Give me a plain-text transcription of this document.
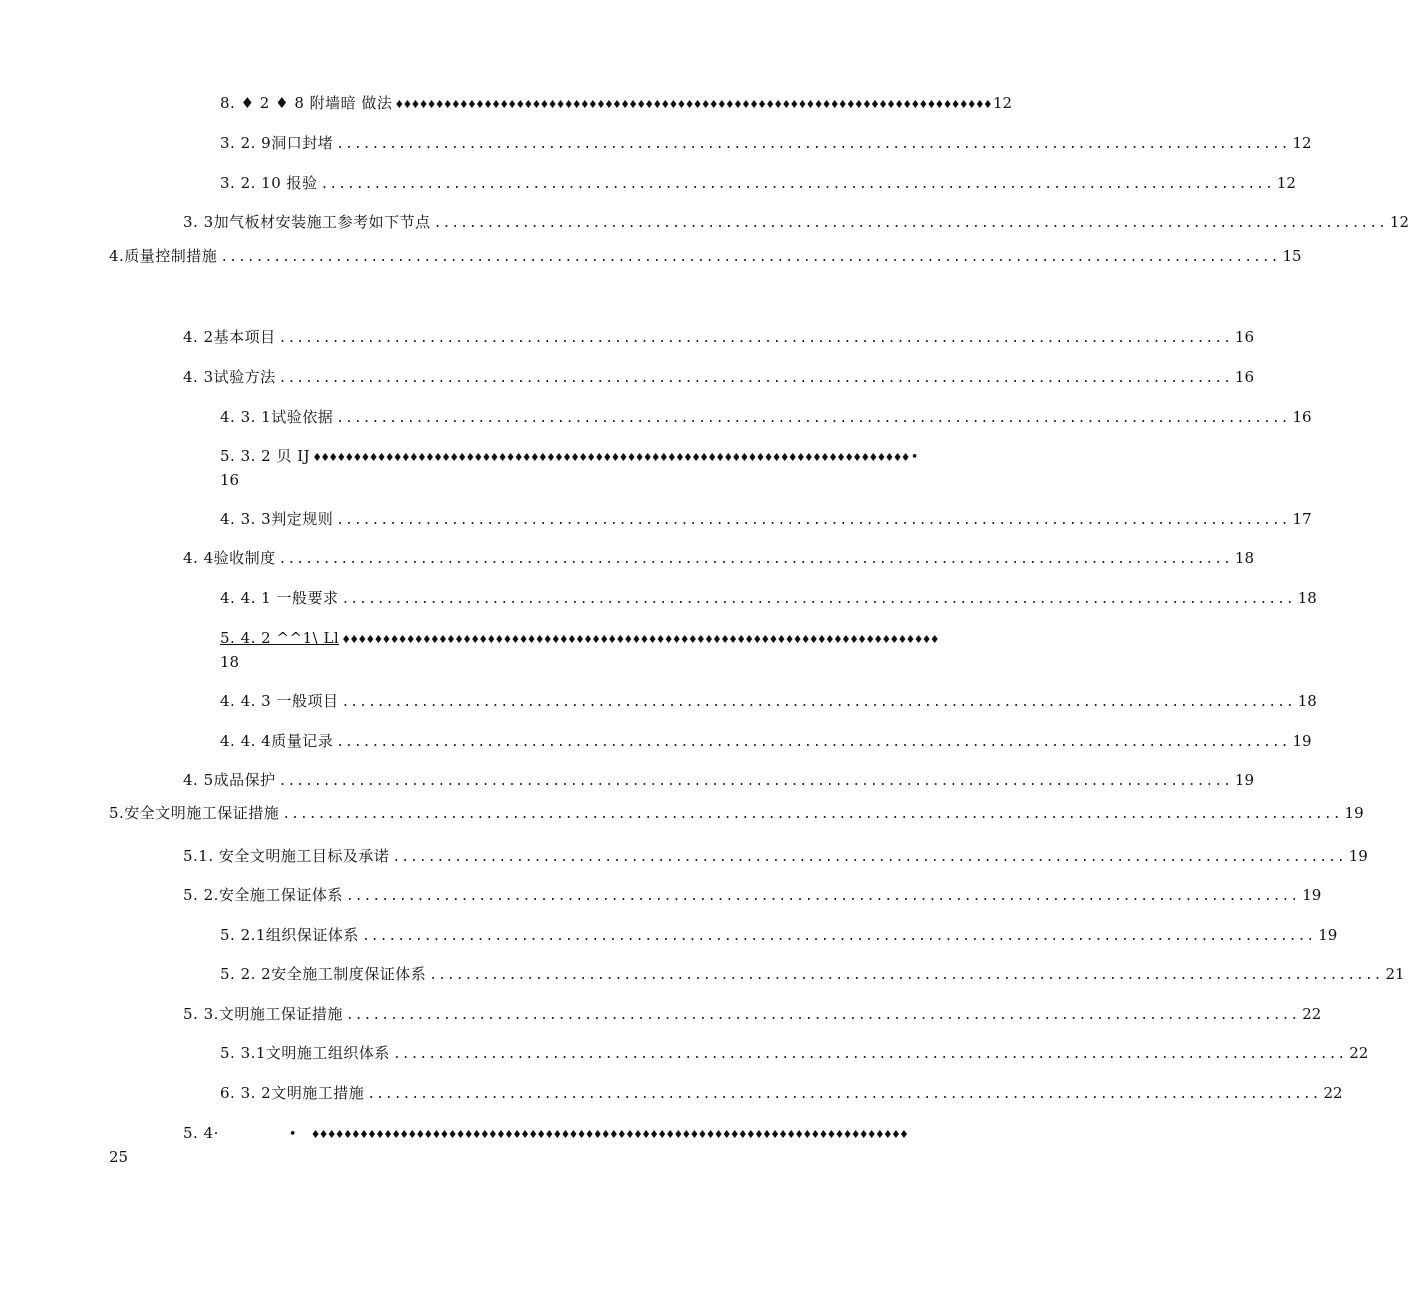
8. ♦ 2 ♦ 8 附墙暗 做法 ♦♦♦♦♦♦♦♦♦♦♦♦♦♦♦♦♦♦♦♦♦♦♦♦♦♦♦♦♦♦♦♦♦♦♦♦♦♦♦♦♦♦♦♦♦♦♦♦♦♦♦♦♦♦♦♦♦♦♦♦♦♦♦♦♦♦♦♦♦♦♦♦♦♦ 12
3. 2. 9洞口封堵 ............................................................................................................ 12
3. 2. 10 报验 ............................................................................................................ 12
3. 3加气板材安装施工参考如下节点 ............................................................................................................ 12
4.质量控制措施 ........................................................................................................................ 15
4. 2基本项目 ............................................................................................................ 16
4. 3试验方法 ............................................................................................................ 16
4. 3. 1试验依据 ............................................................................................................ 16
5. 3. 2 贝 IJ ♦♦♦♦♦♦♦♦♦♦♦♦♦♦♦♦♦♦♦♦♦♦♦♦♦♦♦♦♦♦♦♦♦♦♦♦♦♦♦♦♦♦♦♦♦♦♦♦♦♦♦♦♦♦♦♦♦♦♦♦♦♦♦♦♦♦♦♦♦♦♦♦♦♦ •
16
4. 3. 3判定规则 ............................................................................................................ 17
4. 4验收制度 ............................................................................................................ 18
4. 4. 1 一般要求 ............................................................................................................ 18
5. 4. 2 ^^1\ Ll ♦♦♦♦♦♦♦♦♦♦♦♦♦♦♦♦♦♦♦♦♦♦♦♦♦♦♦♦♦♦♦♦♦♦♦♦♦♦♦♦♦♦♦♦♦♦♦♦♦♦♦♦♦♦♦♦♦♦♦♦♦♦♦♦♦♦♦♦♦♦♦♦♦♦
18
4. 4. 3 一般项目 ............................................................................................................ 18
4. 4. 4质量记录 ............................................................................................................ 19
4. 5成品保护 ............................................................................................................ 19
5.安全文明施工保证措施 ........................................................................................................................ 19
5.1. 安全文明施工目标及承诺 ............................................................................................................ 19
5. 2.安全施工保证体系 ............................................................................................................ 19
5. 2.1组织保证体系 ............................................................................................................ 19
5. 2. 2安全施工制度保证体系 ............................................................................................................ 21
5. 3.文明施工保证措施 ............................................................................................................ 22
5. 3.1文明施工组织体系 ............................................................................................................ 22
6. 3. 2文明施工措施 ............................................................................................................ 22
5. 4·	• ♦♦♦♦♦♦♦♦♦♦♦♦♦♦♦♦♦♦♦♦♦♦♦♦♦♦♦♦♦♦♦♦♦♦♦♦♦♦♦♦♦♦♦♦♦♦♦♦♦♦♦♦♦♦♦♦♦♦♦♦♦♦♦♦♦♦♦♦♦♦♦♦♦♦
25
